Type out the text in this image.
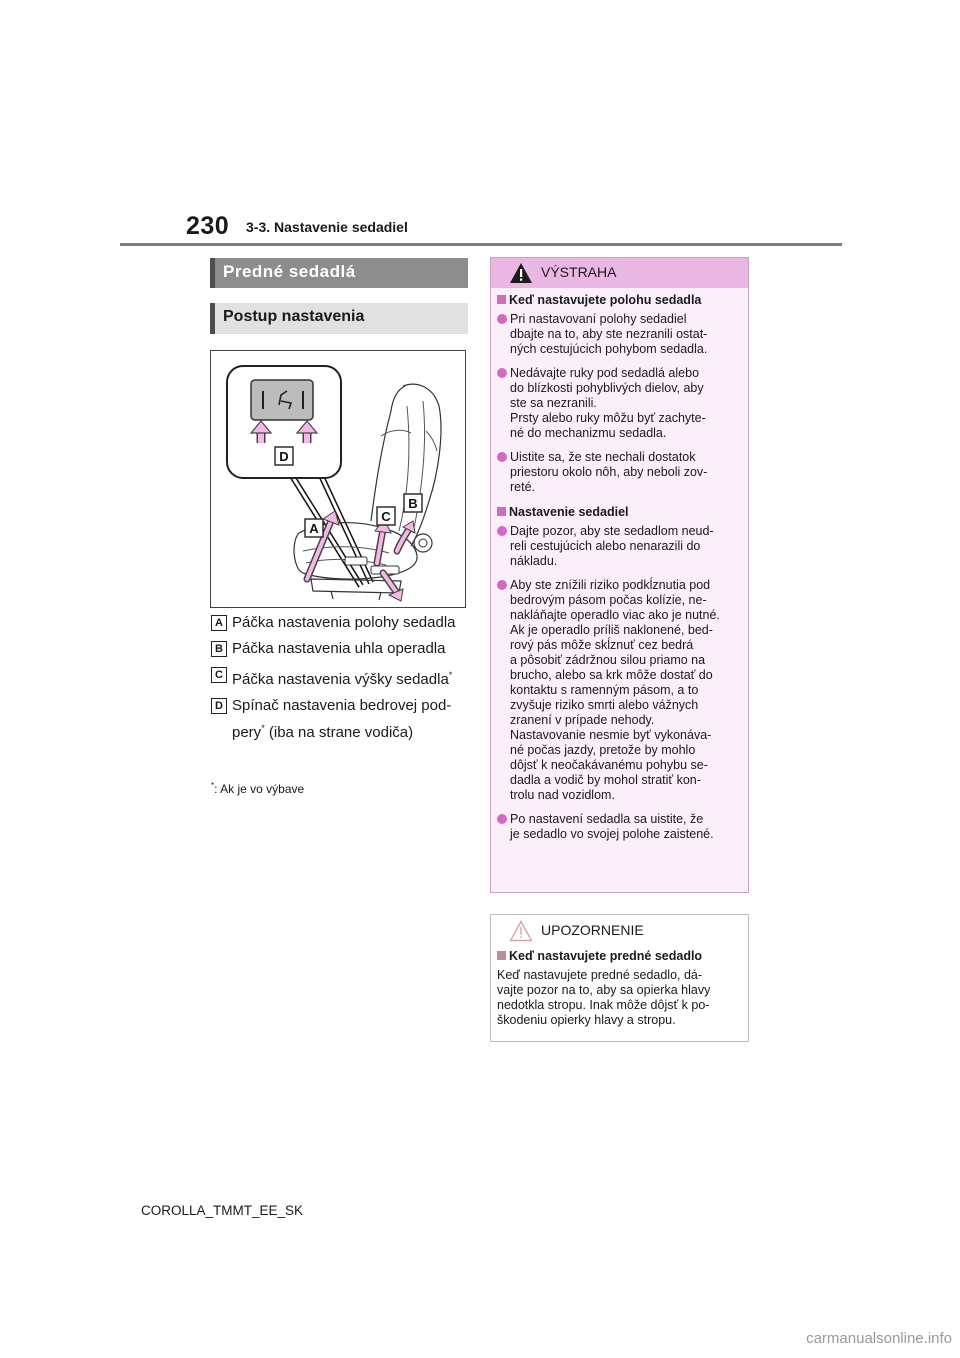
230 3-3. Nastavenie sedadiel
Predné sedadlá
Postup nastavenia
D
A
C
B
A Páčka nastavenia polohy sedadla
B Páčka nastavenia uhla operadla
C Páčka nastavenia výšky sedadla*
D Spínač nastavenia bedrovej pod-pery* (iba na strane vodiča)
*: Ak je vo výbave
VÝSTRAHA
Keď nastavujete polohu sedadla
Pri nastavovaní polohy sedadiel
dbajte na to, aby ste nezranili ostat-
ných cestujúcich pohybom sedadla.
Nedávajte ruky pod sedadlá alebo
do blízkosti pohyblivých dielov, aby
ste sa nezranili.
Prsty alebo ruky môžu byť zachyte-
né do mechanizmu sedadla.
Uistite sa, že ste nechali dostatok
priestoru okolo nôh, aby neboli zov-
reté.
Nastavenie sedadiel
Dajte pozor, aby ste sedadlom neud-
reli cestujúcich alebo nenarazili do
nákladu.
Aby ste znížili riziko podkĺznutia pod
bedrovým pásom počas kolízie, ne-
nakláňajte operadlo viac ako je nutné.
Ak je operadlo príliš naklonené, bed-
rový pás môže skĺznuť cez bedrá
a pôsobiť zádržnou silou priamo na
brucho, alebo sa krk môže dostať do
kontaktu s ramenným pásom, a to
zvyšuje riziko smrti alebo vážnych
zranení v prípade nehody.
Nastavovanie nesmie byť vykonáva-
né počas jazdy, pretože by mohlo
dôjsť k neočakávanému pohybu se-
dadla a vodič by mohol stratiť kon-
trolu nad vozidlom.
Po nastavení sedadla sa uistite, že
je sedadlo vo svojej polohe zaistené.
UPOZORNENIE
Keď nastavujete predné sedadlo
Keď nastavujete predné sedadlo, dá-
vajte pozor na to, aby sa opierka hlavy
nedotkla stropu. Inak môže dôjsť k po-
škodeniu opierky hlavy a stropu.
COROLLA_TMMT_EE_SK
carmanualsonline.info
